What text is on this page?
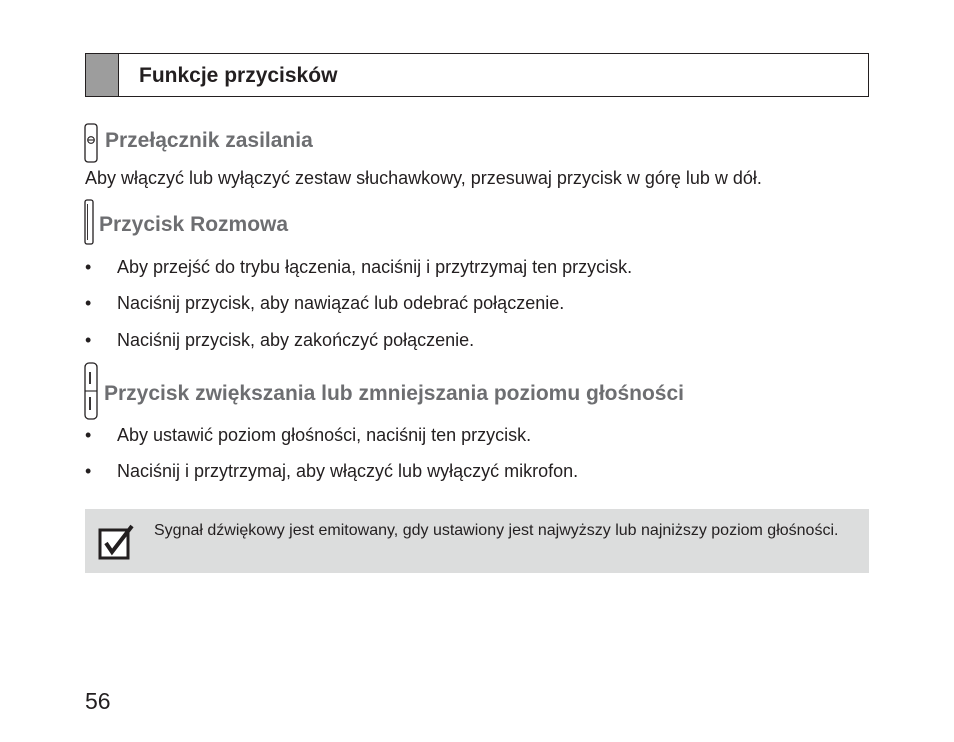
Funkcje przycisków
Przełącznik zasilania
Aby włączyć lub wyłączyć zestaw słuchawkowy, przesuwaj przycisk w górę lub w dół.
Przycisk Rozmowa
• Aby przejść do trybu łączenia, naciśnij i przytrzymaj ten przycisk.
• Naciśnij przycisk, aby nawiązać lub odebrać połączenie.
• Naciśnij przycisk, aby zakończyć połączenie.
Przycisk zwiększania lub zmniejszania poziomu głośności
• Aby ustawić poziom głośności, naciśnij ten przycisk.
• Naciśnij i przytrzymaj, aby włączyć lub wyłączyć mikrofon.
Sygnał dźwiękowy jest emitowany, gdy ustawiony jest najwyższy lub najniższy poziom głośności.
56
